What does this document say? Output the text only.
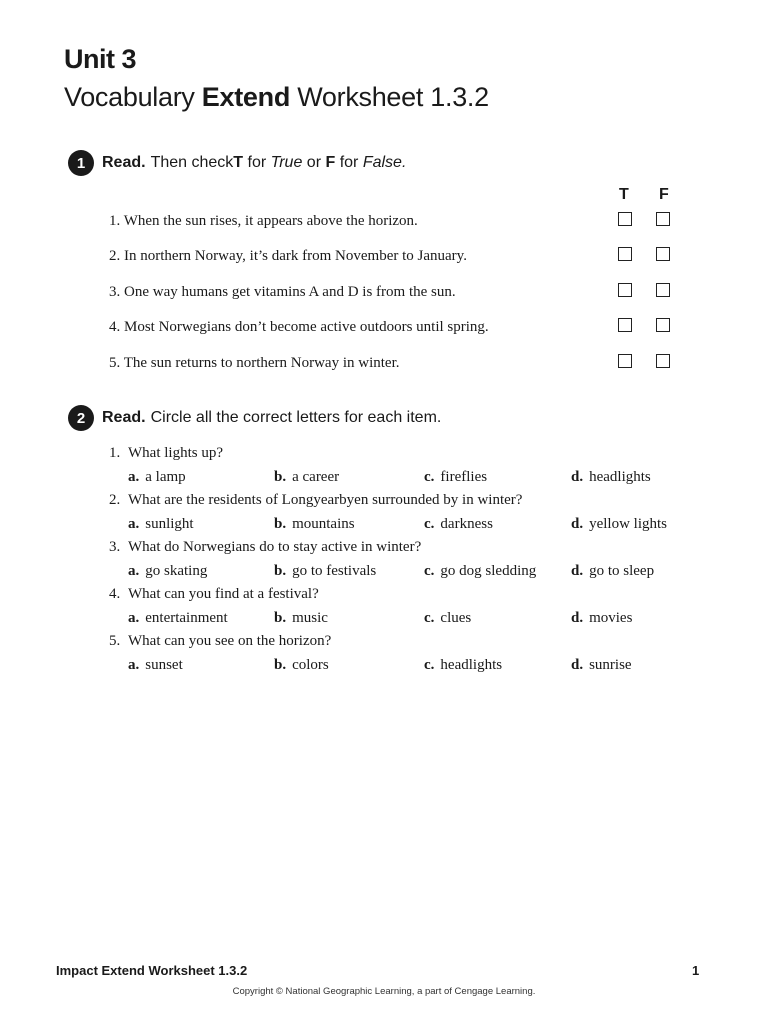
Unit 3
Vocabulary Extend Worksheet 1.3.2
1	Read. Then check T for True or F for False.
T F
1. When the sun rises, it appears above the horizon.
2. In northern Norway, it’s dark from November to January.
3. One way humans get vitamins A and D is from the sun.
4. Most Norwegians don’t become active outdoors until spring.
5. The sun returns to northern Norway in winter.
2	Read. Circle all the correct letters for each item.
1. What lights up?
a. a lamp	b. a career	c. fireflies	d. headlights
2. What are the residents of Longyearbyen surrounded by in winter?
a. sunlight	b. mountains	c. darkness	d. yellow lights
3. What do Norwegians do to stay active in winter?
a. go skating	b. go to festivals	c. go dog sledding d. go to sleep
4. What can you find at a festival?
a. entertainment	b. music	c. clues	d. movies
5. What can you see on the horizon?
a. sunset	b. colors	c. headlights	d. sunrise
Impact Extend Worksheet 1.3.2	1
Copyright © National Geographic Learning, a part of Cengage Learning.
